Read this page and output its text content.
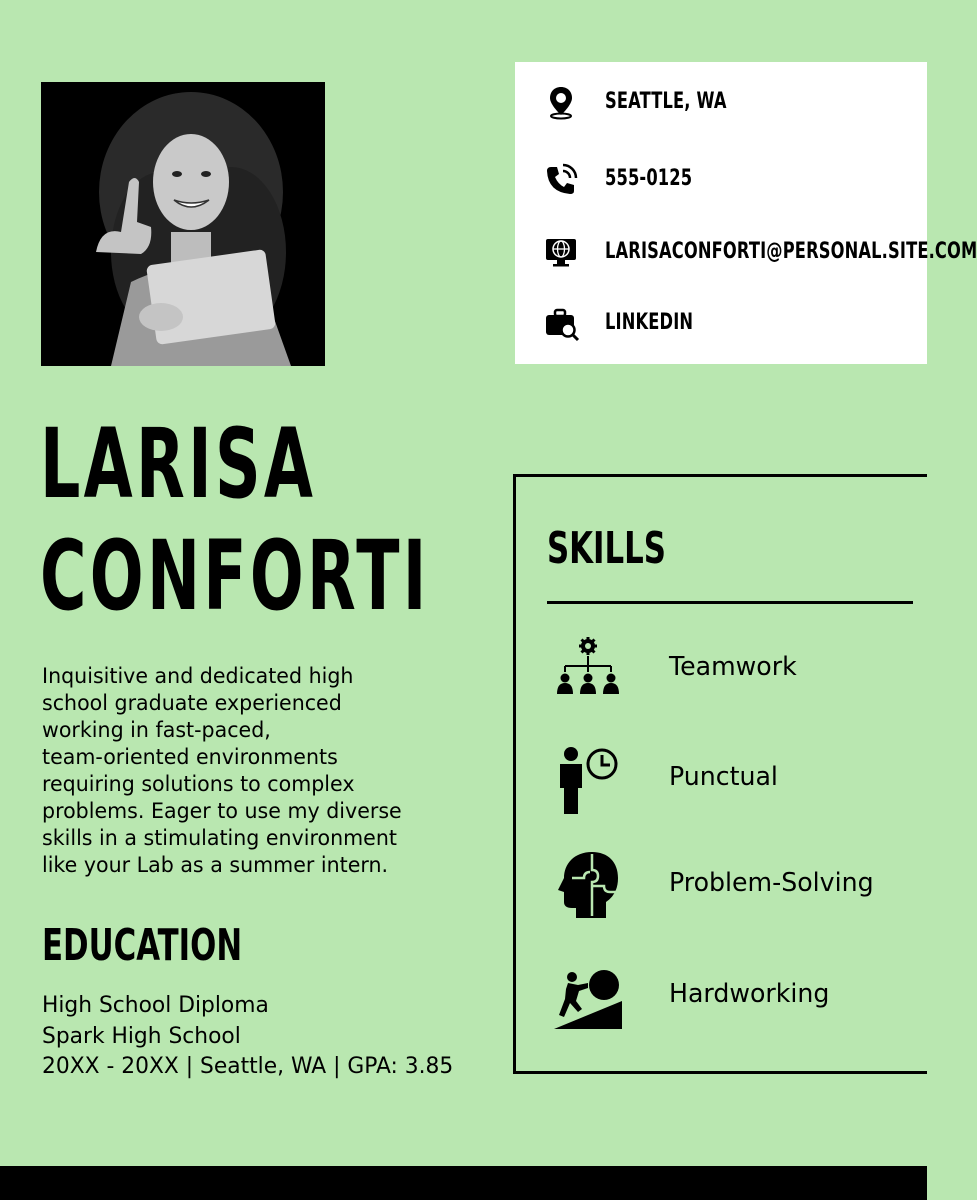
SEATTLE, WA
555-0125
LARISACONFORTI@PERSONAL.SITE.COM
LINKEDIN
LARISA
CONFORTI

Inquisitive and dedicated high
school graduate experienced
working in fast-paced,
team-oriented environments
requiring solutions to complex
problems. Eager to use my diverse
skills in a stimulating environment
like your Lab as a summer intern.

EDUCATION
High School Diploma
Spark High School
20XX - 20XX | Seattle, WA | GPA: 3.85
SKILLS
Teamwork
Punctual
Problem-Solving
Hardworking
